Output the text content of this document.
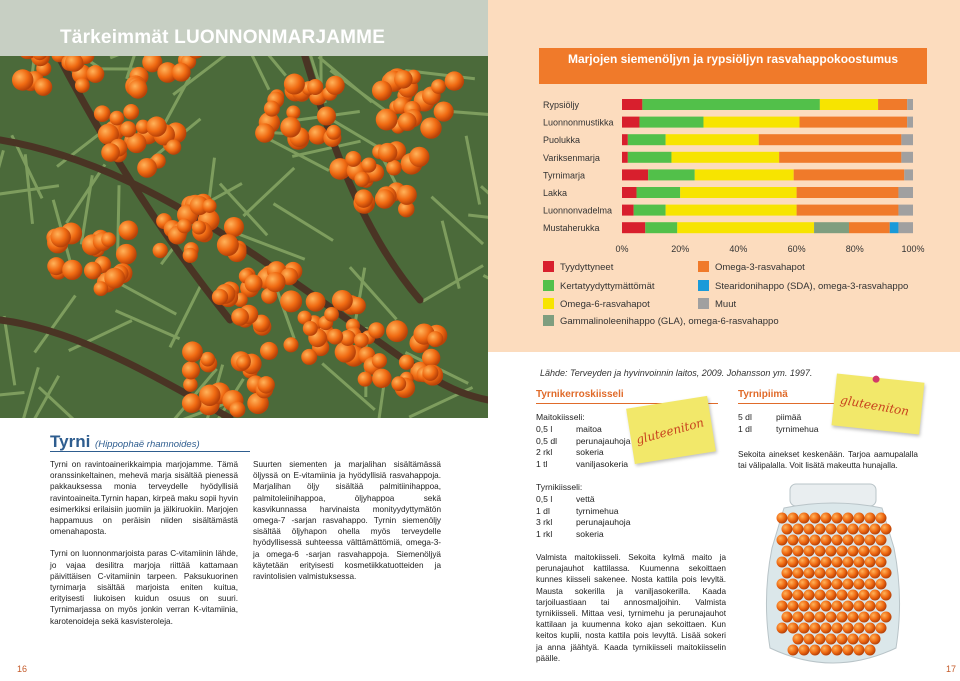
Tärkeimmät LUONNONMARJAMME
Marjojen siemenöljyn ja rypsiöljyn rasvahappokoostumus
0%	20%	40%	60%	80%	100%
Rypsiöljy
Luonnonmustikka
Puolukka
Variksenmarja
Tyrnimarja
Lakka
Luonnonvadelma
Mustaherukka
Tyydyttyneet
Kertatyydyttymättömät
Omega-6-rasvahapot
Gammalinoleenihappo (GLA), omega-6-rasvahappo
Omega-3-rasvahapot
Stearidonihappo (SDA), omega-3-rasvahappo
Muut
Lähde: Terveyden ja hyvinvoinnin laitos, 2009. Johansson ym. 1997.
Tyrni (Hippophaë rhamnoides)

Tyrni on ravintoainerikkaimpia marjojamme. Tämä oranssinkeltainen, mehevä marja sisältää pienessä pakkauksessa monia terveydelle hyödyllisiä ravintoaineita.Tyrnin hapan, kirpeä maku sopii hyvin esimerkiksi erilaisiin juomiin ja jälkiruokiin. Marjojen happamuus on peräisin niiden sisältämästä omenahaposta.

Tyrni on luonnonmarjoista paras C-vitamiinin lähde, jo vajaa desilitra marjoja riittää kattamaan päivittäisen C-vitamiinin tarpeen. Paksukuorinen tyrnimarja sisältää marjoista eniten kuitua, erityisesti liukoisen kuidun osuus on suuri. Tyrnimarjassa on myös jonkin verran K-vitamiinia, karotenoideja sekä kasvisteroleja.

Suurten siementen ja marjalihan sisältämässä öljyssä on E-vitamiinia ja hyödyllisiä rasvahappoja. Marjalihan öljy sisältää palmitiinihappoa, palmitoleiinihappoa, öljyhappoa sekä kasvikunnassa harvinaista monityydyttymätön omega-7 -sarjan rasvahappo. Tyrnin siemenöljy sisältää öljyhapon ohella myös terveydelle hyödyllisessä suhteessa välttämättömiä, omega-3- ja omega-6 -sarjan rasvahappoja. Siemenöljyä käytetään erityisesti kosmetiikkatuotteiden ja ravintolisien valmistuksessa.

16	17
Tyrnikerroskiisseli
Maitokiisseli:
0,5 l	maitoa
0,5 dl	perunajauhoja
2 rkl	sokeria
1 tl	vaniljasokeria
Tyrnikiisseli:
0,5 l	vettä
1 dl	tyrnimehua
3 rkl	perunajauhoja
1 rkl	sokeria
Valmista maitokiisseli. Sekoita kylmä maito ja perunajauhot kattilassa. Kuumenna sekoittaen kunnes kiisseli sakenee. Nosta kattila pois levyltä. Mausta sokerilla ja vaniljasokerilla. Kaada tarjoiluastiaan tai annosmaljoihin. Valmista tyrnikiisseli. Mittaa vesi, tyrnimehu ja perunajauhot kattilaan ja kuumenna koko ajan sekoittaen. Kun keitos kuplii, nosta kattila pois levyltä. Lisää sokeri ja anna jäähtyä. Kaada tyrnikiisseli maitokiisselin päälle.
gluteeniton
Tyrnipiimä
5 dl	piimää
1 dl	tyrnimehua
Sekoita ainekset keskenään. Tarjoa aamupalalla tai välipalalla. Voit lisätä makeutta hunajalla.
gluteeniton
